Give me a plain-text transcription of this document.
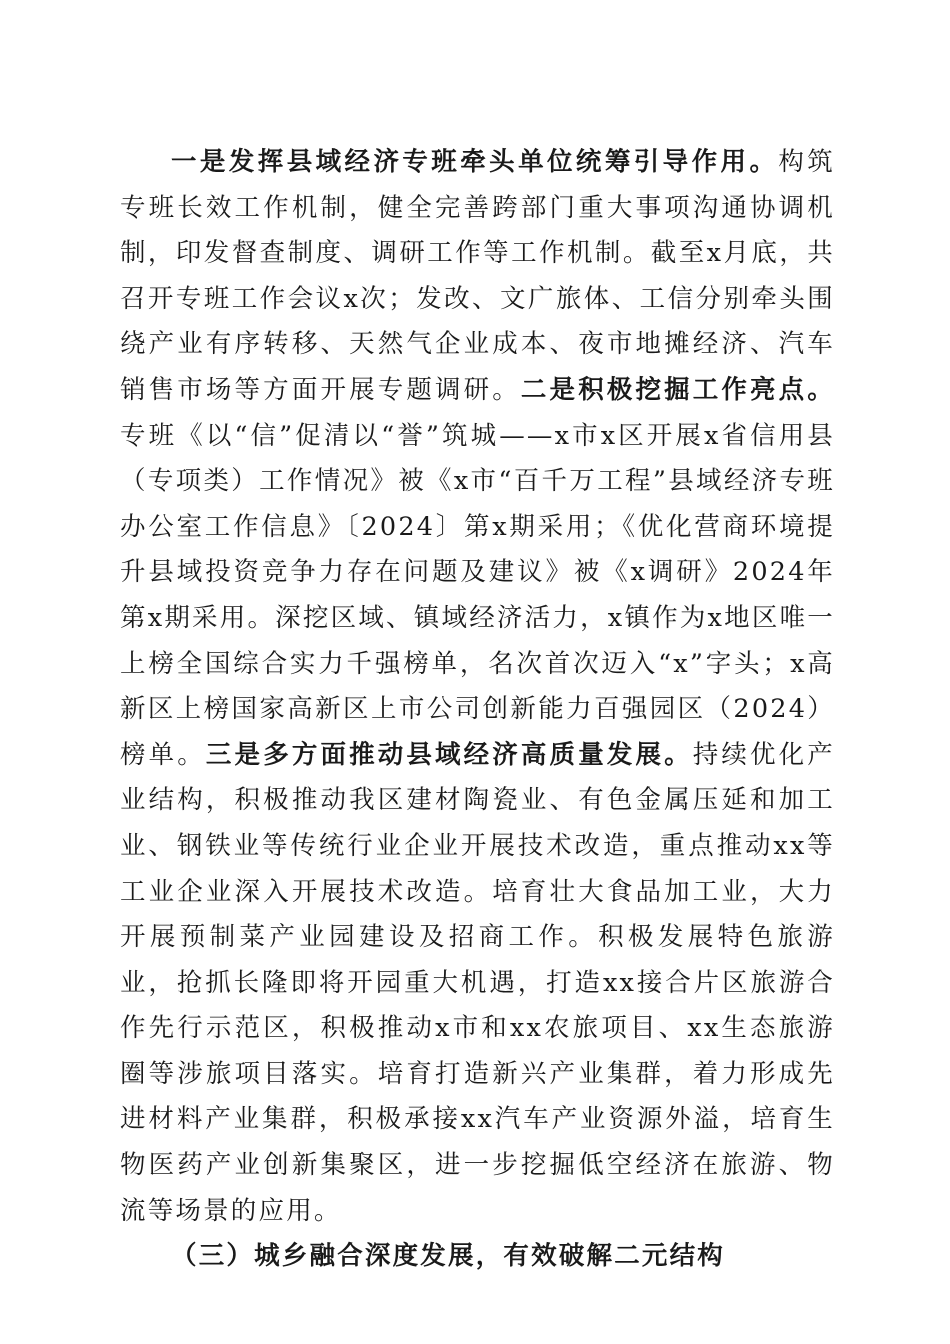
一是发挥县域经济专班牵头单位统筹引导作用。构筑专班长效工作机制，健全完善跨部门重大事项沟通协调机制，印发督查制度、调研工作等工作机制。截至x月底，共召开专班工作会议x次；发改、文广旅体、工信分别牵头围绕产业有序转移、天然气企业成本、夜市地摊经济、汽车销售市场等方面开展专题调研。二是积极挖掘工作亮点。专班《以“信”促清以“誉”筑城——x市x区开展x省信用县（专项类）工作情况》被《x市“百千万工程”县域经济专班办公室工作信息》〔2024〕第x期采用；《优化营商环境提升县域投资竞争力存在问题及建议》被《x调研》2024年第x期采用。深挖区域、镇域经济活力，x镇作为x地区唯一上榜全国综合实力千强榜单，名次首次迈入“x”字头；x高新区上榜国家高新区上市公司创新能力百强园区（2024）榜单。三是多方面推动县域经济高质量发展。持续优化产业结构，积极推动我区建材陶瓷业、有色金属压延和加工业、钢铁业等传统行业企业开展技术改造，重点推动xx等工业企业深入开展技术改造。培育壮大食品加工业，大力开展预制菜产业园建设及招商工作。积极发展特色旅游业，抢抓长隆即将开园重大机遇，打造xx接合片区旅游合作先行示范区，积极推动x市和xx农旅项目、xx生态旅游圈等涉旅项目落实。培育打造新兴产业集群，着力形成先进材料产业集群，积极承接xx汽车产业资源外溢，培育生物医药产业创新集聚区，进一步挖掘低空经济在旅游、物流等场景的应用。

（三）城乡融合深度发展，有效破解二元结构
